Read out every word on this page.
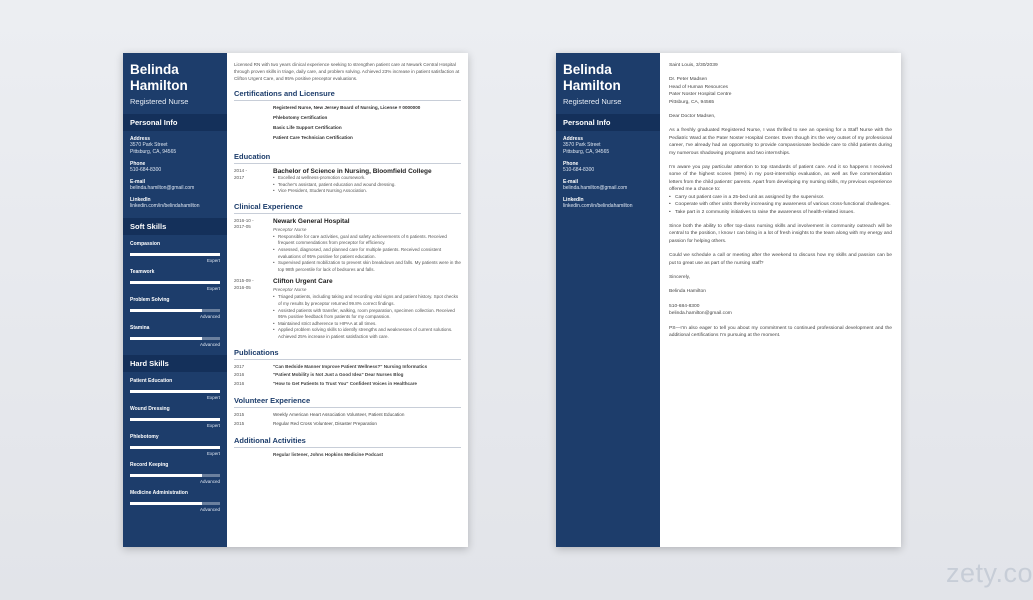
Belinda
Hamilton
Registered Nurse
Personal Info
Address
3570 Park Street
Pittsburg, CA, 94565
Phone
510-684-8300
E-mail
belinda.hamilton@gmail.com
LinkedIn
linkedin.com/in/belindahamilton
Soft Skills
Compassion
Expert
Teamwork
Expert
Problem Solving
Advanced
Stamina
Advanced
Hard Skills
Patient Education
Expert
Wound Dressing
Expert
Phlebotomy
Expert
Record Keeping
Advanced
Medicine Administration
Advanced
Licensed RN with two years clinical experience seeking to strengthen patient care at Newark Central Hospital through proven skills in triage, daily care, and problem solving. Achieved 23% increase in patient satisfaction at Clifton Urgent Care, and 95% positive preceptor evaluations.
Certifications and Licensure
Registered Nurse, New Jersey Board of Nursing, License # 0000000
Phlebotomy Certification
Basic Life Support Certification
Patient Care Technician Certification
Education
2014 -
2017
Bachelor of Science in Nursing, Bloomfield College
• Excelled at wellness-promotion coursework.
• Teacher's assistant, patient education and wound dressing.
• Vice President, Student Nursing Association.
Clinical Experience
2016-10 -
2017-05
Newark General Hospital
Preceptor Nurse
• Responsible for care activities, goal and safety achievements of 6 patients. Received frequent commendations from preceptor for efficiency.
• Assessed, diagnosed, and planned care for multiple patients. Received consistent evaluations of 95% positive for patient education.
• Supervised patient mobilization to prevent skin breakdown and falls. My patients were in the top 98th percentile for lack of bedsores and falls.
2015-09 -
2016-05
Clifton Urgent Care
Preceptor Nurse
• Triaged patients, including taking and recording vital signs and patient history. Spot checks of my results by preceptor returned 99.8% correct findings.
• Assisted patients with transfer, walking, room preparation, specimen collection. Received 95% positive feedback from patients for my compassion.
• Maintained strict adherence to HIPAA at all times.
• Applied problem solving skills to identify strengths and weaknesses of current solutions. Achieved 25% increase in patient satisfaction with care.
Publications
2017	"Can Bedside Manner Improve Patient Wellness?" Nursing Informatics
2016	"Patient Mobility is Not Just a Good Idea" Dear Nurses Blog
2016	"How to Get Patients to Trust You" Confident Voices in Healthcare
Volunteer Experience
2015	Weekly American Heart Association Volunteer, Patient Education
2015	Regular Red Cross Volunteer, Disaster Preparation
Additional Activities
Regular listener, Johns Hopkins Medicine Podcast
Belinda
Hamilton
Registered Nurse
Personal Info
Address
3570 Park Street
Pittsburg, CA, 94565
Phone
510-684-8300
E-mail
belinda.hamilton@gmail.com
LinkedIn
linkedin.com/in/belindahamilton
Saint Louis, 3/30/2039
Dr. Peter Madsen
Head of Human Resources
Pater Noster Hospital Centre
Pittsburg, CA, 94565
Dear Doctor Madsen,
As a freshly graduated Registered Nurse, I was thrilled to see an opening for a Staff Nurse with the Pediatric Ward at the Pater Noster Hospital Center. Even though it's the very outset of my professional career, I've already had an opportunity to provide compassionate bedside care to child patients during my numerous shadowing programs and two internships.
I'm aware you pay particular attention to top standards of patient care. And it so happens I received some of the highest scores (96%) in my post-internship evaluation, as well as five commendation letters from the child patients' parents. Apart from developing my nursing skills, my previous experience offered me a chance to:
• Carry out patient care in a 25-bed unit as assigned by the supervisor.
• Cooperate with other units thereby increasing my awareness of various cross-functional challenges.
• Take part in 2 community initiatives to raise the awareness of health-related issues.
Since both the ability to offer top-class nursing skills and involvement in community outreach will be central to the position, I know I can bring in a lot of fresh insights to the team along with my energy and passion for helping others.
Could we schedule a call or meeting after the weekend to discuss how my skills and passion can be put to great use as part of the nursing staff?
Sincerely,
Belinda Hamilton
510-684-8300
belinda.hamilton@gmail.com
PS—I'm also eager to tell you about my commitment to continued professional development and the additional certifications I'm pursuing at the moment.
zety.co
